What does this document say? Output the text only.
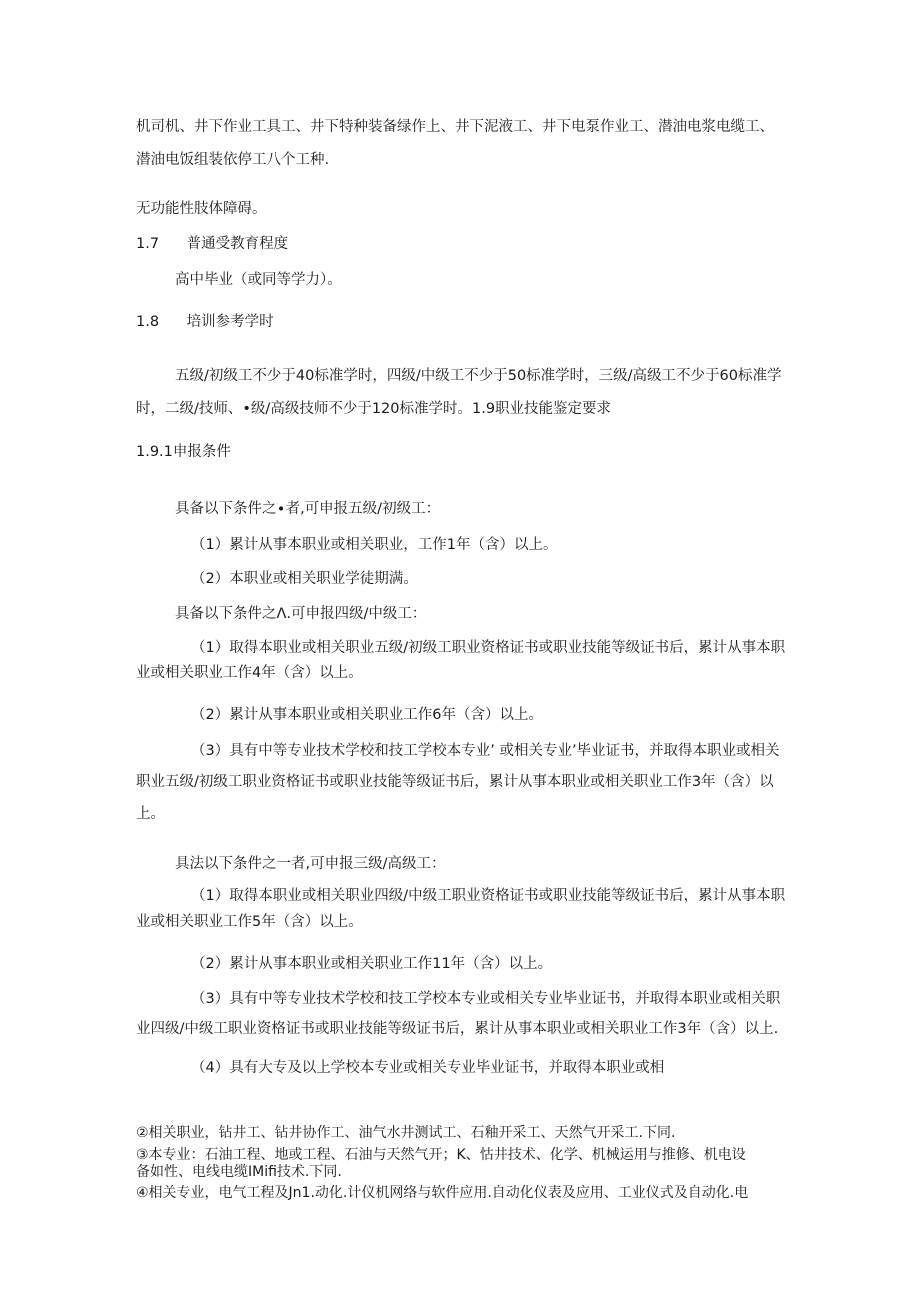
机司机、井下作业工具工、井下特种装备绿作上、井下泥液工、井下电泵作业工、潜油电浆电缆工、

潜油电饭组装依停工八个工种.

无功能性肢体障碍。

1.7 普通受教育程度

高中毕业（或同等学力）。

1.8 培训参考学时

五级/初级工不少于40标准学时，四级/中级工不少于50标准学时，三级/高级工不少于60标准学

时，二级/技师、•级/高级技师不少于120标准学时。1.9职业技能鉴定要求

1.9.1申报条件

具备以下条件之∙者,可申报五级/初级工：

（1）累计从事本职业或相关职业，工作1年（含）以上。

（2）本职业或相关职业学徒期满。

具备以下条件之Λ.可申报四级/中级工：

（1）取得本职业或相关职业五级/初级工职业资格证书或职业技能等级证书后，累计从事本职

业或相关职业工作4年（含）以上。

（2）累计从事本职业或相关职业工作6年（含）以上。

（3）具有中等专业技术学校和技工学校本专业’ 或相关专业’毕业证书，并取得本职业或相关

职业五级/初级工职业资格证书或职业技能等级证书后，累计从事本职业或相关职业工作3年（含）以

上。

具法以下条件之一者,可申报三级/高级工：

（1）取得本职业或相关职业四级/中级工职业资格证书或职业技能等级证书后，累计从事本职

业或相关职业工作5年（含）以上。

（2）累计从事本职业或相关职业工作11年（含）以上。

（3）具有中等专业技术学校和技工学校本专业或相关专业毕业证书，并取得本职业或相关职

业四级/中级工职业资格证书或职业技能等级证书后，累计从事本职业或相关职业工作3年（含）以上.

（4）具有大专及以上学校本专业或相关专业毕业证书，并取得本职业或相

②相关职业，钻井工、钻井协作工、油气水井测试工、石釉开采工、天然气开采工.下同.

③本专业：石油工程、地或工程、石油与天然气开；K、怙井技术、化学、机械运用与推修、机电设

备如性、电线电缆IMifi技术.下同.

④相关专业，电气工程及Jn1.动化.计仪机网络与软件应用.自动化仪表及应用、工业仪式及自动化.电
